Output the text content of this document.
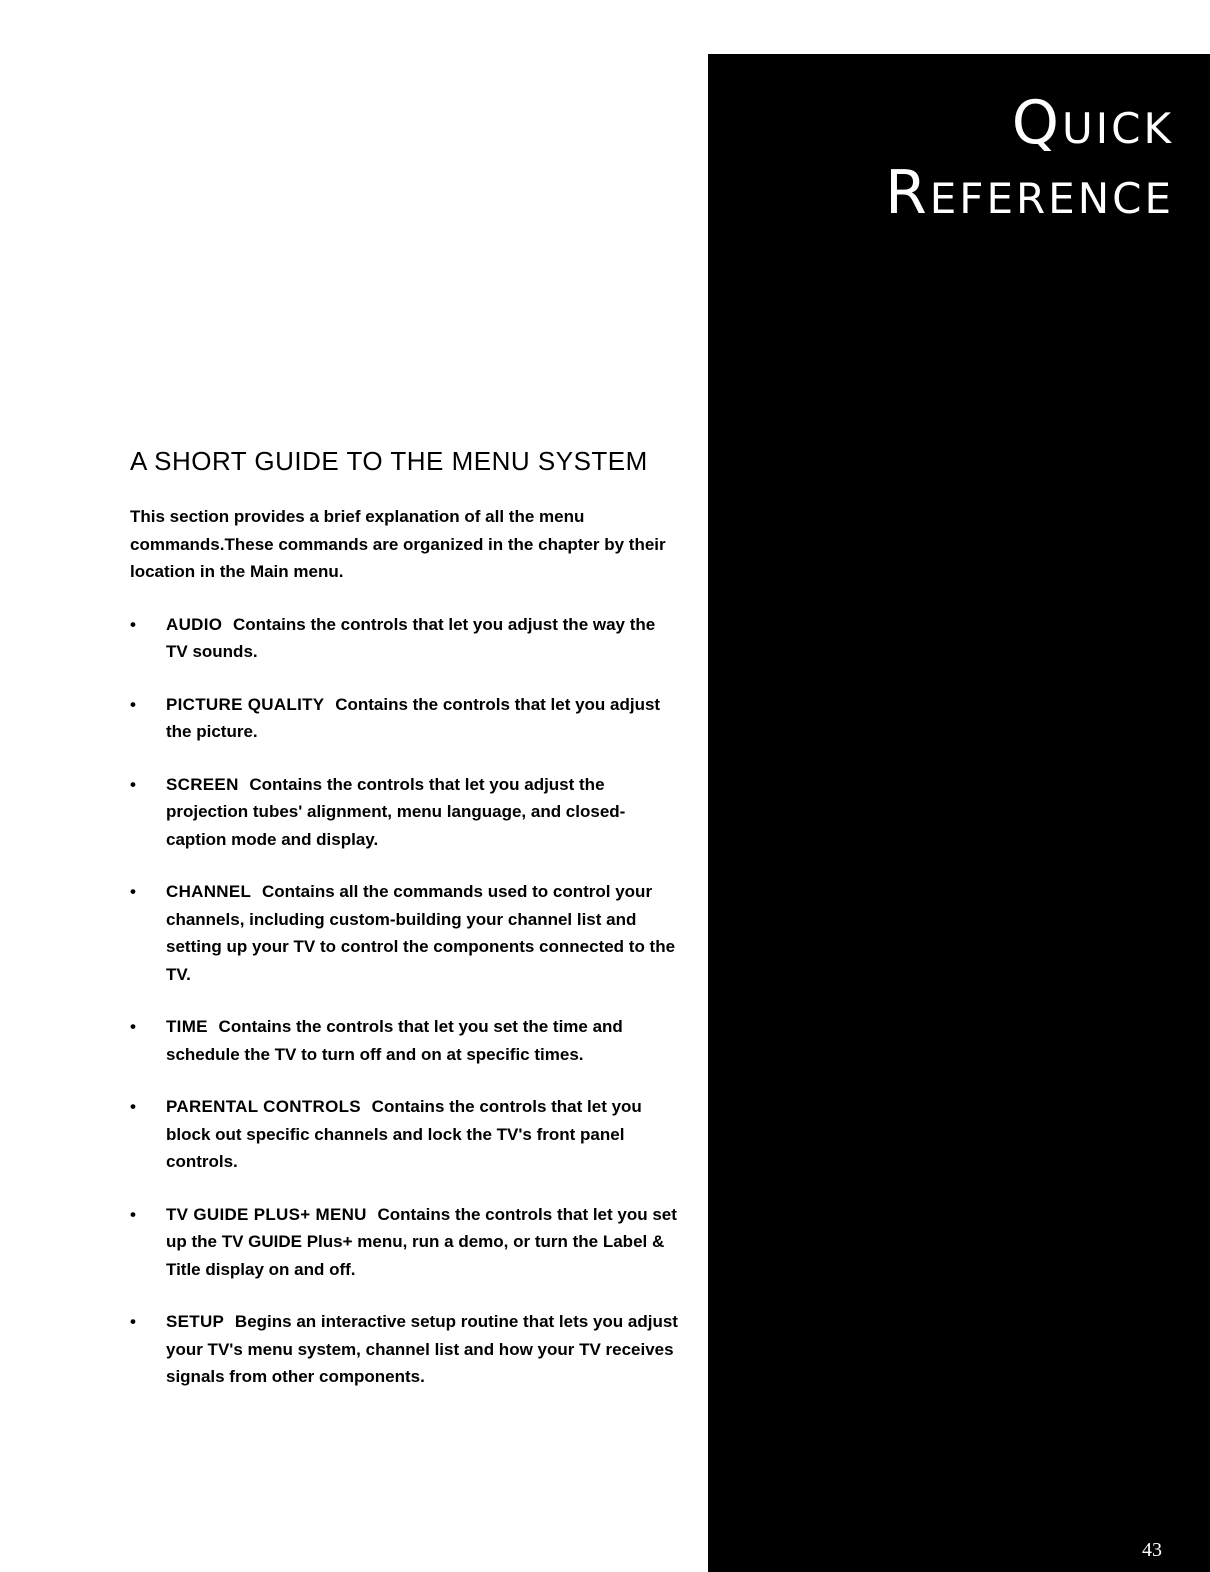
Quick
Reference
43
A SHORT GUIDE TO THE MENU SYSTEM

This section provides a brief explanation of all the menu commands.These commands are organized in the chapter by their location in the Main menu.

• AUDIO Contains the controls that let you adjust the way the TV sounds.
• PICTURE QUALITY Contains the controls that let you adjust the picture.
• SCREEN Contains the controls that let you adjust the projection tubes' alignment, menu language, and closed-caption mode and display.
• CHANNEL Contains all the commands used to control your channels, including custom-building your channel list and setting up your TV to control the components connected to the TV.
• TIME Contains the controls that let you set the time and schedule the TV to turn off and on at specific times.
• PARENTAL CONTROLS Contains the controls that let you block out specific channels and lock the TV's front panel controls.
• TV GUIDE PLUS+ MENU Contains the controls that let you set up the TV GUIDE Plus+ menu, run a demo, or turn the Label & Title display on and off.
• SETUP Begins an interactive setup routine that lets you adjust your TV's menu system, channel list and how your TV receives signals from other components.
